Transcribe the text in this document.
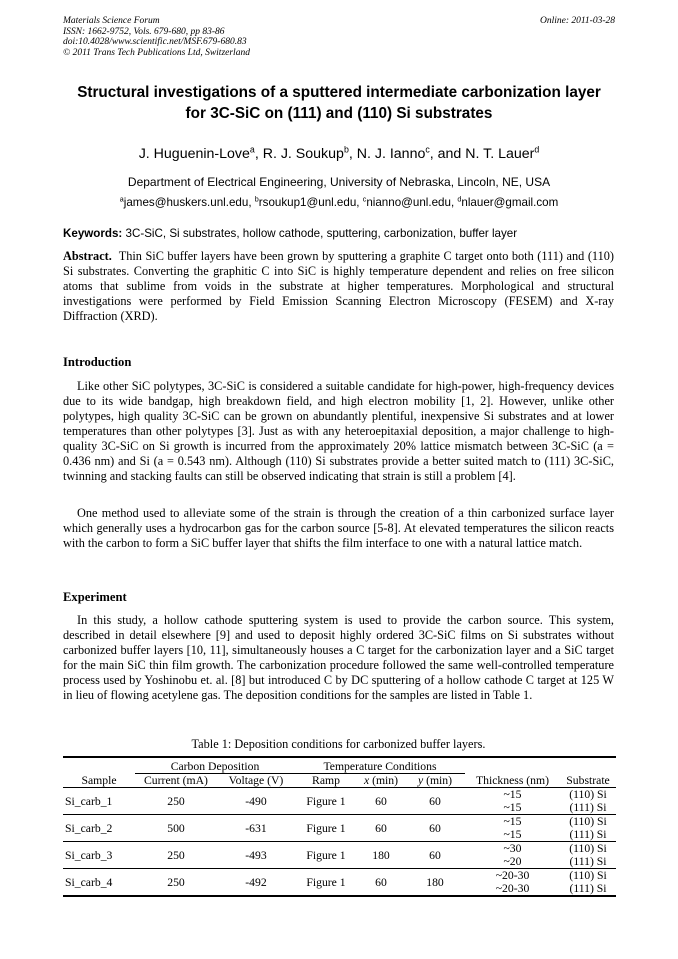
Materials Science Forum
ISSN: 1662-9752, Vols. 679-680, pp 83-86
doi:10.4028/www.scientific.net/MSF.679-680.83
© 2011 Trans Tech Publications Ltd, Switzerland
Online: 2011-03-28
Structural investigations of a sputtered intermediate carbonization layer
for 3C-SiC on (111) and (110) Si substrates
J. Huguenin-Love$^a$, R. J. Soukup$^b$, N. J. Ianno$^c$, and N. T. Lauer$^d$
Department of Electrical Engineering, University of Nebraska, Lincoln, NE, USA
$^a$james@huskers.unl.edu, $^b$rsoukup1@unl.edu, $^c$nianno@unl.edu, $^d$nlauer@gmail.com
Keywords: 3C-SiC, Si substrates, hollow cathode, sputtering, carbonization, buffer layer
Abstract. Thin SiC buffer layers have been grown by sputtering a graphite C target onto both (111) and (110) Si substrates. Converting the graphitic C into SiC is highly temperature dependent and relies on free silicon atoms that sublime from voids in the substrate at higher temperatures. Morphological and structural investigations were performed by Field Emission Scanning Electron Microscopy (FESEM) and X-ray Diffraction (XRD).
Introduction
Like other SiC polytypes, 3C-SiC is considered a suitable candidate for high-power, high-frequency devices due to its wide bandgap, high breakdown field, and high electron mobility [1, 2]. However, unlike other polytypes, high quality 3C-SiC can be grown on abundantly plentiful, inexpensive Si substrates and at lower temperatures than other polytypes [3]. Just as with any heteroepitaxial deposition, a major challenge to high-quality 3C-SiC on Si growth is incurred from the approximately 20% lattice mismatch between 3C-SiC (a = 0.436 nm) and Si (a = 0.543 nm). Although (110) Si substrates provide a better suited match to (111) 3C-SiC, twinning and stacking faults can still be observed indicating that strain is still a problem [4].
One method used to alleviate some of the strain is through the creation of a thin carbonized surface layer which generally uses a hydrocarbon gas for the carbon source [5-8]. At elevated temperatures the silicon reacts with the carbon to form a SiC buffer layer that shifts the film interface to one with a natural lattice match.
Experiment
In this study, a hollow cathode sputtering system is used to provide the carbon source. This system, described in detail elsewhere [9] and used to deposit highly ordered 3C-SiC films on Si substrates without carbonized buffer layers [10, 11], simultaneously houses a C target for the carbonization layer and a SiC target for the main SiC thin film growth. The carbonization procedure followed the same well-controlled temperature process used by Yoshinobu et. al. [8] but introduced C by DC sputtering of a hollow cathode C target at 125 W in lieu of flowing acetylene gas. The deposition conditions for the samples are listed in Table 1.
Table 1: Deposition conditions for carbonized buffer layers.
	Carbon Deposition		Temperature Conditions				
Sample	Current (mA)	Voltage (V)	Ramp	x (min)	y (min)	Thickness (nm)	Substrate
Si_carb_1	250	-490	Figure 1	60	60	~15	(110) Si
						~15	(111) Si
Si_carb_2	500	-631	Figure 1	60	60	~15	(110) Si
						~15	(111) Si
Si_carb_3	250	-493	Figure 1	180	60	~30	(110) Si
						~20	(111) Si
Si_carb_4	250	-492	Figure 1	60	180	~20-30	(110) Si
						~20-30	(111) Si
